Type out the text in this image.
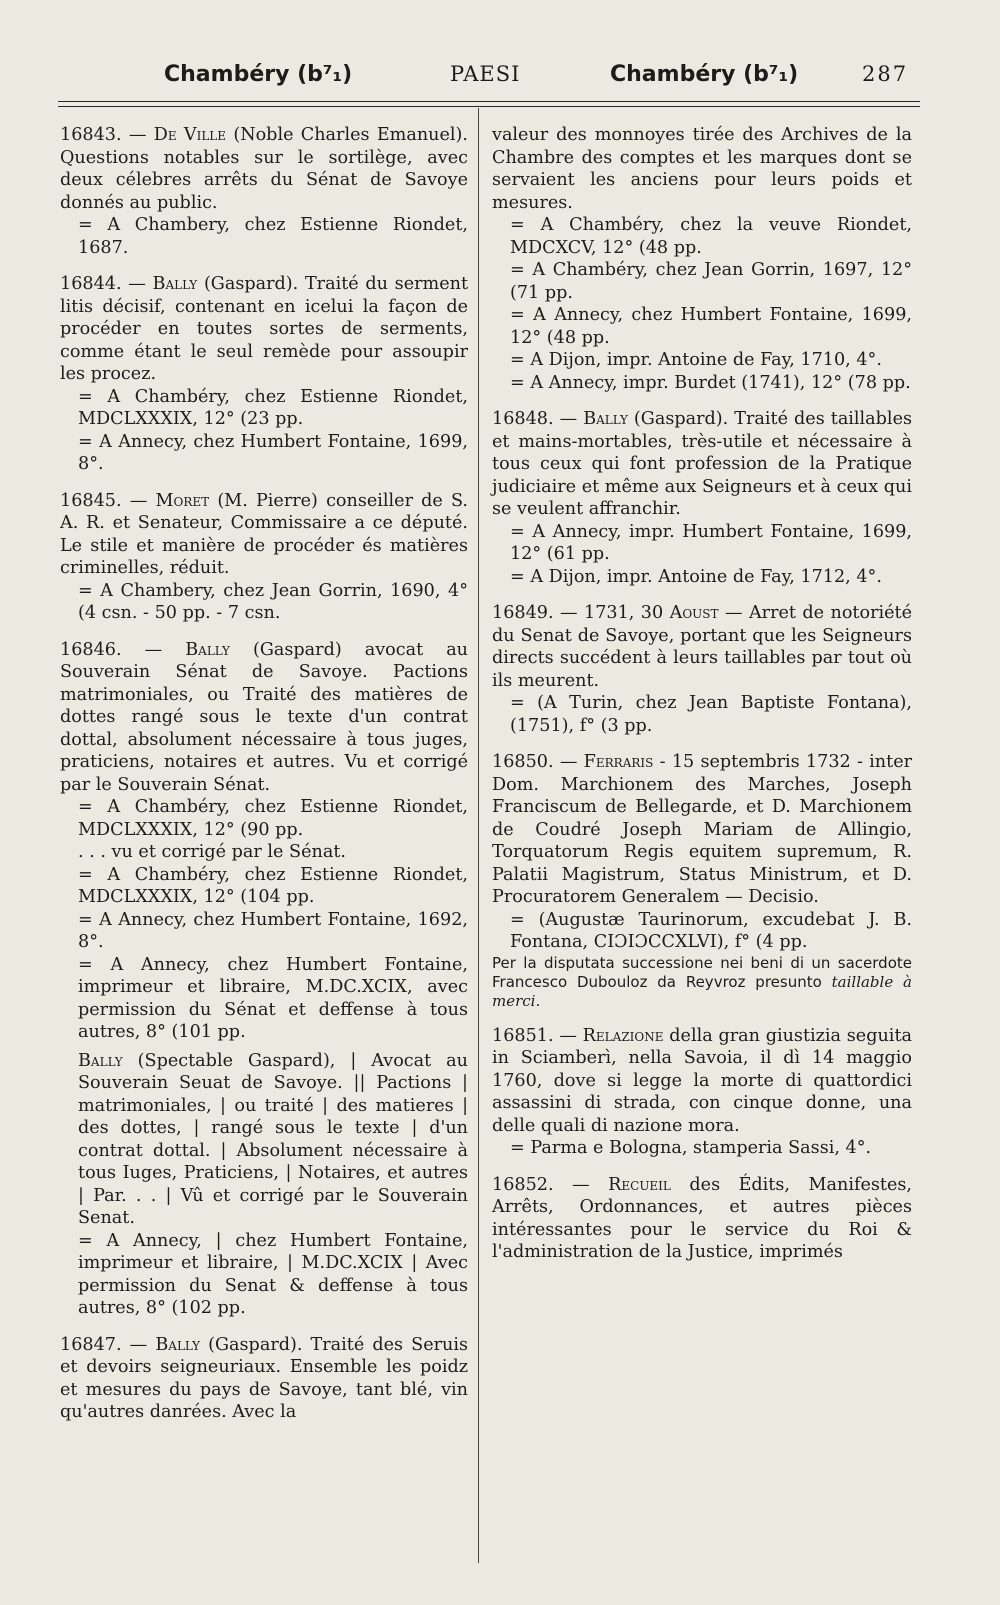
Chambéry (b⁷₁)	PAESI	Chambéry (b⁷₁)	287

16843. — De Ville (Noble Charles Emanuel). Questions notables sur le sortilège, avec deux célebres arrêts du Sénat de Savoye donnés au public.

= A Chambery, chez Estienne Riondet, 1687.

16844. — Bally (Gaspard). Traité du serment litis décisif, contenant en icelui la façon de procéder en toutes sortes de serments, comme étant le seul remède pour assoupir les procez.

= A Chambéry, chez Estienne Riondet, MDCLXXXIX, 12° (23 pp.

= A Annecy, chez Humbert Fontaine, 1699, 8°.

16845. — Moret (M. Pierre) conseiller de S. A. R. et Senateur, Commissaire a ce député. Le stile et manière de procéder és matières criminelles, réduit.

= A Chambery, chez Jean Gorrin, 1690, 4° (4 csn. - 50 pp. - 7 csn.

16846. — Bally (Gaspard) avocat au Souverain Sénat de Savoye. Pactions matrimoniales, ou Traité des matières de dottes rangé sous le texte d'un contrat dottal, absolument nécessaire à tous juges, praticiens, notaires et autres. Vu et corrigé par le Souverain Sénat.

= A Chambéry, chez Estienne Riondet, MDCLXXXIX, 12° (90 pp.

. . . vu et corrigé par le Sénat.

= A Chambéry, chez Estienne Riondet, MDCLXXXIX, 12° (104 pp.

= A Annecy, chez Humbert Fontaine, 1692, 8°.

= A Annecy, chez Humbert Fontaine, imprimeur et libraire, M.DC.XCIX, avec permission du Sénat et deffense à tous autres, 8° (101 pp.

Bally (Spectable Gaspard), | Avocat au Souverain Seuat de Savoye. || Pactions | matrimoniales, | ou traité | des matieres | des dottes, | rangé sous le texte | d'un contrat dottal. | Absolument nécessaire à tous Iuges, Praticiens, | Notaires, et autres | Par. . . | Vû et corrigé par le Souverain Senat.

= A Annecy, | chez Humbert Fontaine, imprimeur et libraire, | M.DC.XCIX | Avec permission du Senat & deffense à tous autres, 8° (102 pp.

16847. — Bally (Gaspard). Traité des Seruis et devoirs seigneuriaux. Ensemble les poidz et mesures du pays de Savoye, tant blé, vin qu'autres danrées. Avec la

valeur des monnoyes tirée des Archives de la Chambre des comptes et les marques dont se servaient les anciens pour leurs poids et mesures.

= A Chambéry, chez la veuve Riondet, MDCXCV, 12° (48 pp.

= A Chambéry, chez Jean Gorrin, 1697, 12° (71 pp.

= A Annecy, chez Humbert Fontaine, 1699, 12° (48 pp.

= A Dijon, impr. Antoine de Fay, 1710, 4°.

= A Annecy, impr. Burdet (1741), 12° (78 pp.

16848. — Bally (Gaspard). Traité des taillables et mains-mortables, très-utile et nécessaire à tous ceux qui font profession de la Pratique judiciaire et même aux Seigneurs et à ceux qui se veulent affranchir.

= A Annecy, impr. Humbert Fontaine, 1699, 12° (61 pp.

= A Dijon, impr. Antoine de Fay, 1712, 4°.

16849. — 1731, 30 Aoust — Arret de notoriété du Senat de Savoye, portant que les Seigneurs directs succédent à leurs taillables par tout où ils meurent.

= (A Turin, chez Jean Baptiste Fontana), (1751), f° (3 pp.

16850. — Ferraris - 15 septembris 1732 - inter Dom. Marchionem des Marches, Joseph Franciscum de Bellegarde, et D. Marchionem de Coudré Joseph Mariam de Allingio, Torquatorum Regis equitem supremum, R. Palatii Magistrum, Status Ministrum, et D. Procuratorem Generalem — Decisio.

= (Augustæ Taurinorum, excudebat J. B. Fontana, CIƆIƆCCXLVI), f° (4 pp.

Per la disputata successione nei beni di un sacerdote Francesco Dubouloz da Reyvroz presunto taillable à merci.

16851. — Relazione della gran giustizia seguita in Sciamberì, nella Savoia, il dì 14 maggio 1760, dove si legge la morte di quattordici assassini di strada, con cinque donne, una delle quali di nazione mora.

= Parma e Bologna, stamperia Sassi, 4°.

16852. — Recueil des Édits, Manifestes, Arrêts, Ordonnances, et autres pièces intéressantes pour le service du Roi & l'administration de la Justice, imprimés
